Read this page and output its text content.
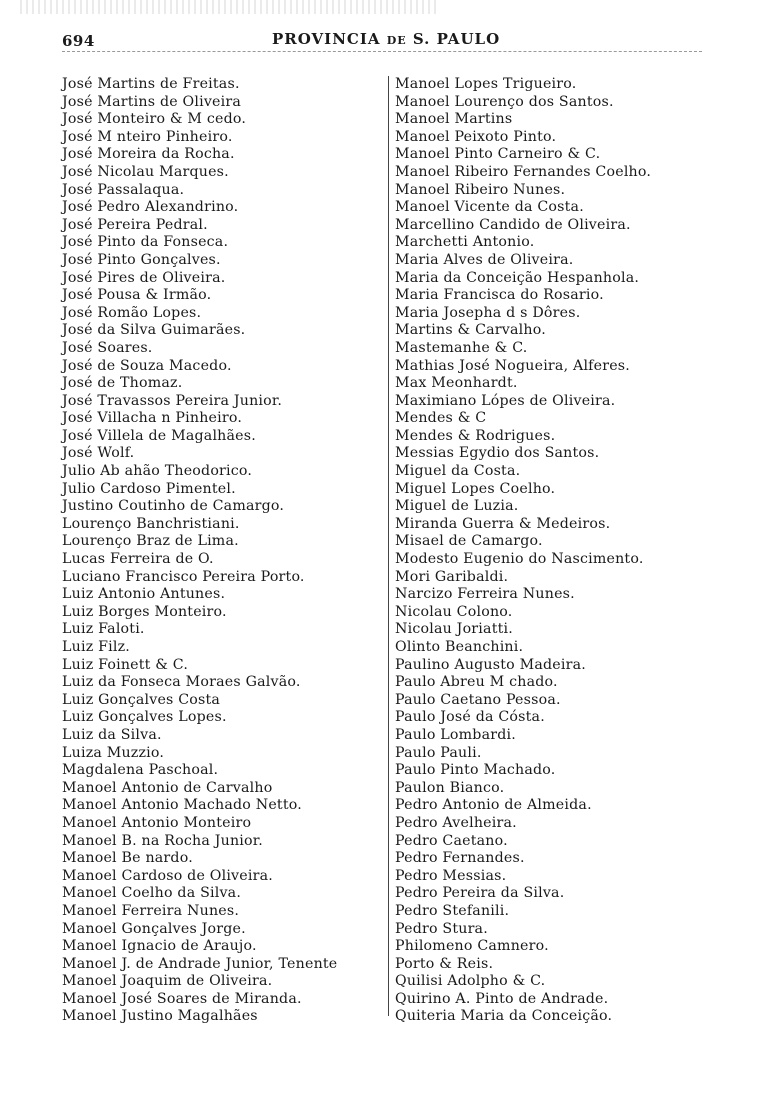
694	PROVINCIA de S. PAULO
José Martins de Freitas.
José Martins de Oliveira
José Monteiro & M cedo.
José M nteiro Pinheiro.
José Moreira da Rocha.
José Nicolau Marques.
José Passalaqua.
José Pedro Alexandrino.
José Pereira Pedral.
José Pinto da Fonseca.
José Pinto Gonçalves.
José Pires de Oliveira.
José Pousa & Irmão.
José Romão Lopes.
José da Silva Guimarães.
José Soares.
José de Souza Macedo.
José de Thomaz.
José Travassos Pereira Junior.
José Villacha n Pinheiro.
José Villela de Magalhães.
José Wolf.
Julio Ab ahão Theodorico.
Julio Cardoso Pimentel.
Justino Coutinho de Camargo.
Lourenço Banchristiani.
Lourenço Braz de Lima.
Lucas Ferreira de O.
Luciano Francisco Pereira Porto.
Luiz Antonio Antunes.
Luiz Borges Monteiro.
Luiz Faloti.
Luiz Filz.
Luiz Foinett & C.
Luiz da Fonseca Moraes Galvão.
Luiz Gonçalves Costa
Luiz Gonçalves Lopes.
Luiz da Silva.
Luiza Muzzio.
Magdalena Paschoal.
Manoel Antonio de Carvalho
Manoel Antonio Machado Netto.
Manoel Antonio Monteiro
Manoel B. na Rocha Junior.
Manoel Be nardo.
Manoel Cardoso de Oliveira.
Manoel Coelho da Silva.
Manoel Ferreira Nunes.
Manoel Gonçalves Jorge.
Manoel Ignacio de Araujo.
Manoel J. de Andrade Junior, Tenente
Manoel Joaquim de Oliveira.
Manoel José Soares de Miranda.
Manoel Justino Magalhães
Manoel Lopes Trigueiro.
Manoel Lourenço dos Santos.
Manoel Martins
Manoel Peixoto Pinto.
Manoel Pinto Carneiro & C.
Manoel Ribeiro Fernandes Coelho.
Manoel Ribeiro Nunes.
Manoel Vicente da Costa.
Marcellino Candido de Oliveira.
Marchetti Antonio.
Maria Alves de Oliveira.
Maria da Conceição Hespanhola.
Maria Francisca do Rosario.
Maria Josepha d s Dôres.
Martins & Carvalho.
Mastemanhe & C.
Mathias José Nogueira, Alferes.
Max Meonhardt.
Maximiano Lópes de Oliveira.
Mendes & C
Mendes & Rodrigues.
Messias Egydio dos Santos.
Miguel da Costa.
Miguel Lopes Coelho.
Miguel de Luzia.
Miranda Guerra & Medeiros.
Misael de Camargo.
Modesto Eugenio do Nascimento.
Mori Garibaldi.
Narcizo Ferreira Nunes.
Nicolau Colono.
Nicolau Joriatti.
Olinto Beanchini.
Paulino Augusto Madeira.
Paulo Abreu M chado.
Paulo Caetano Pessoa.
Paulo José da Cósta.
Paulo Lombardi.
Paulo Pauli.
Paulo Pinto Machado.
Paulon Bianco.
Pedro Antonio de Almeida.
Pedro Avelheira.
Pedro Caetano.
Pedro Fernandes.
Pedro Messias.
Pedro Pereira da Silva.
Pedro Stefanili.
Pedro Stura.
Philomeno Camnero.
Porto & Reis.
Quilisi Adolpho & C.
Quirino A. Pinto de Andrade.
Quiteria Maria da Conceição.
